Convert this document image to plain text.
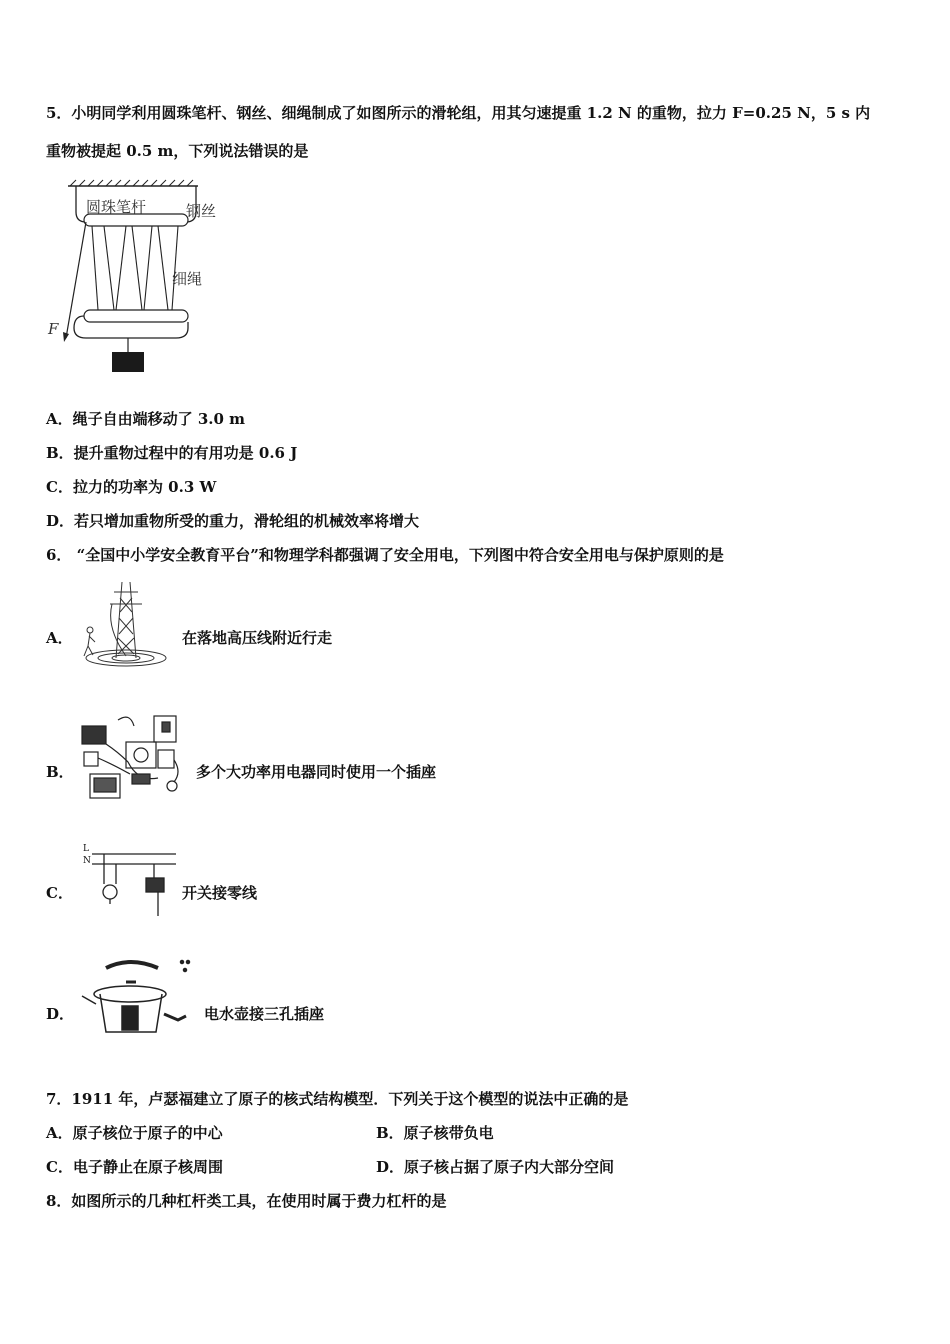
5．小明同学利用圆珠笔杆、钢丝、细绳制成了如图所示的滑轮组，用其匀速提重 1.2 N 的重物，拉力 F=0.25 N，5 s 内
重物被提起 0.5 m，下列说法错误的是
圆珠笔杆	钢丝
细绳
F
A．绳子自由端移动了 3.0 m
B．提升重物过程中的有用功是 0.6 J
C．拉力的功率为 0.3 W
D．若只增加重物所受的重力，滑轮组的机械效率将增大
6． “全国中小学安全教育平台”和物理学科都强调了安全用电，下列图中符合安全用电与保护原则的是
A．	在落地高压线附近行走
B．	多个大功率用电器同时使用一个插座
C．
L
N
开关接零线
D．	电水壶接三孔插座
7．1911 年，卢瑟福建立了原子的核式结构模型．下列关于这个模型的说法中正确的是
A．原子核位于原子的中心	B．原子核带负电
C．电子静止在原子核周围	D．原子核占据了原子内大部分空间
8．如图所示的几种杠杆类工具，在使用时属于费力杠杆的是
